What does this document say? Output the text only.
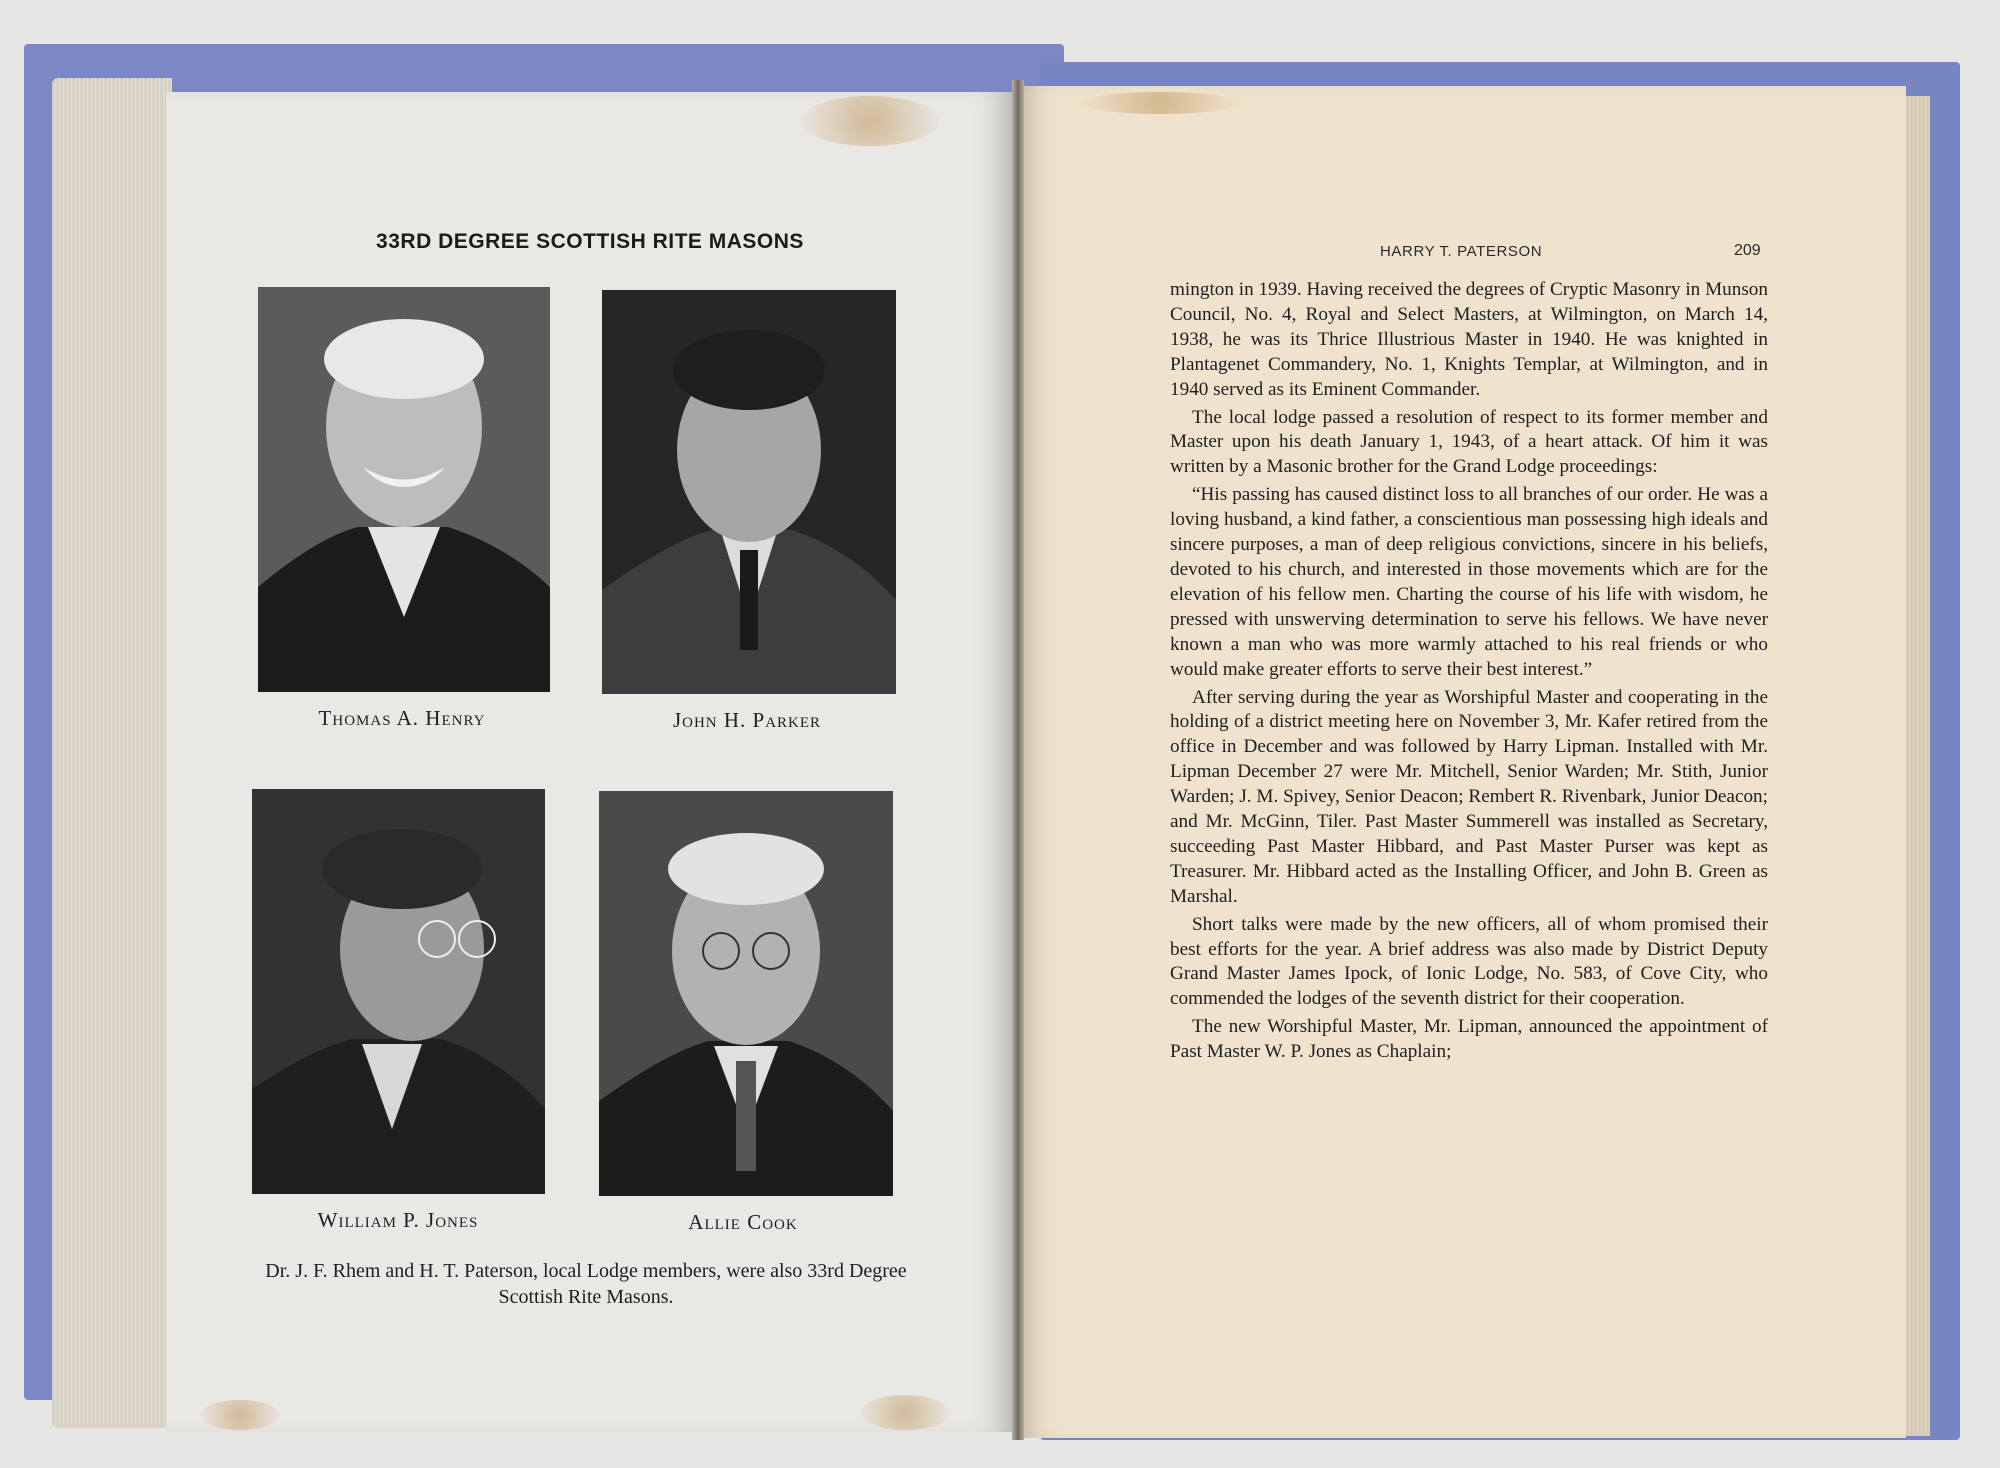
33RD DEGREE SCOTTISH RITE MASONS
Thomas A. Henry	John H. Parker
William P. Jones	Allie Cook
Dr. J. F. Rhem and H. T. Paterson, local Lodge members, were also 33rd Degree Scottish Rite Masons.
HARRY T. PATERSON	209

mington in 1939. Having received the degrees of Cryptic Masonry in Munson Council, No. 4, Royal and Select Masters, at Wilmington, on March 14, 1938, he was its Thrice Illustrious Master in 1940. He was knighted in Plantagenet Commandery, No. 1, Knights Templar, at Wilmington, and in 1940 served as its Eminent Commander.

The local lodge passed a resolution of respect to its former member and Master upon his death January 1, 1943, of a heart attack. Of him it was written by a Masonic brother for the Grand Lodge proceedings:

“His passing has caused distinct loss to all branches of our order. He was a loving husband, a kind father, a conscientious man possessing high ideals and sincere purposes, a man of deep religious convictions, sincere in his beliefs, devoted to his church, and interested in those movements which are for the elevation of his fellow men. Charting the course of his life with wisdom, he pressed with unswerving determination to serve his fellows. We have never known a man who was more warmly attached to his real friends or who would make greater efforts to serve their best interest.”

After serving during the year as Worshipful Master and cooperating in the holding of a district meeting here on November 3, Mr. Kafer retired from the office in December and was followed by Harry Lipman. Installed with Mr. Lipman December 27 were Mr. Mitchell, Senior Warden; Mr. Stith, Junior Warden; J. M. Spivey, Senior Deacon; Rembert R. Rivenbark, Junior Deacon; and Mr. McGinn, Tiler. Past Master Summerell was installed as Secretary, succeeding Past Master Hibbard, and Past Master Purser was kept as Treasurer. Mr. Hibbard acted as the Installing Officer, and John B. Green as Marshal.

Short talks were made by the new officers, all of whom promised their best efforts for the year. A brief address was also made by District Deputy Grand Master James Ipock, of Ionic Lodge, No. 583, of Cove City, who commended the lodges of the seventh district for their cooperation.

The new Worshipful Master, Mr. Lipman, announced the appointment of Past Master W. P. Jones as Chaplain;
